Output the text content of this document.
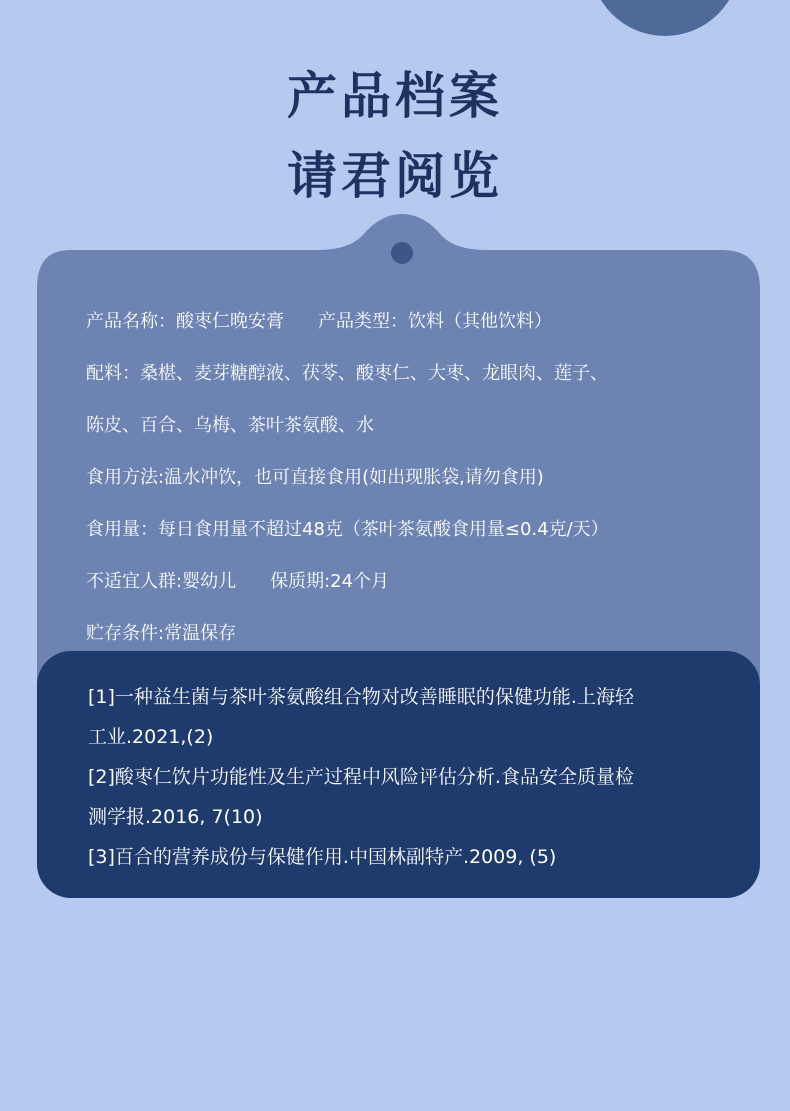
产品档案
请君阅览
产品名称：酸枣仁晚安膏 产品类型：饮料（其他饮料）
配料：桑椹、麦芽糖醇液、茯苓、酸枣仁、大枣、龙眼肉、莲子、
陈皮、百合、乌梅、茶叶茶氨酸、水
食用方法:温水冲饮，也可直接食用(如出现胀袋,请勿食用)
食用量：每日食用量不超过48克（茶叶茶氨酸食用量≤0.4克/天）
不适宜人群:婴幼儿 保质期:24个月
贮存条件:常温保存
[1]一种益生菌与茶叶茶氨酸组合物对改善睡眠的保健功能.上海轻
工业.2021,(2)
[2]酸枣仁饮片功能性及生产过程中风险评估分析.食品安全质量检
测学报.2016, 7(10)
[3]百合的营养成份与保健作用.中国林副特产.2009, (5)
